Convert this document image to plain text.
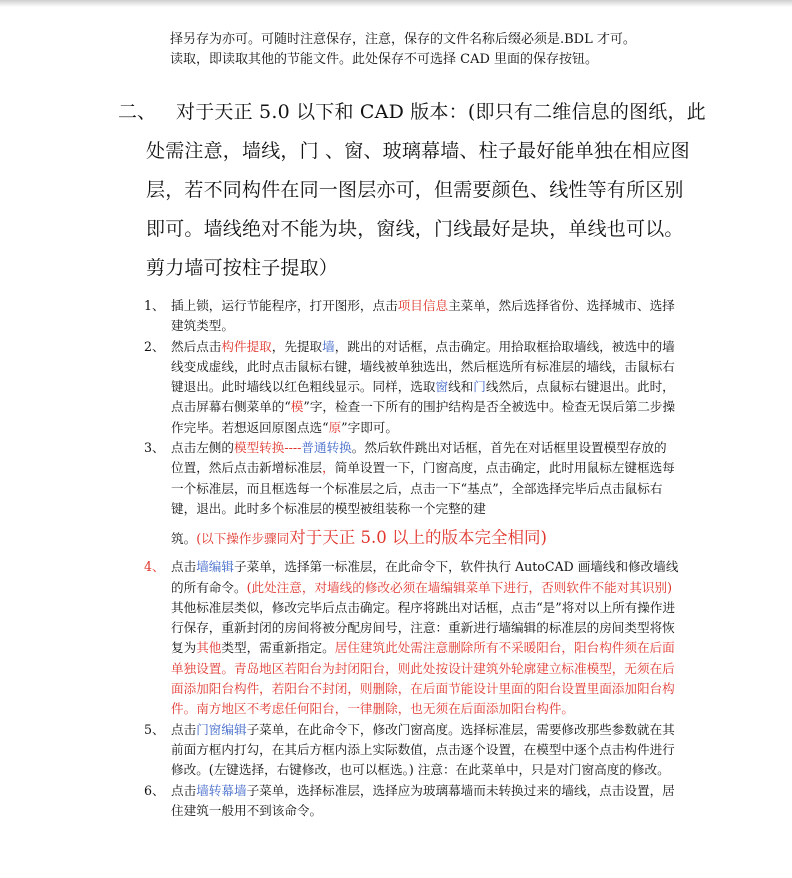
择另存为亦可。可随时注意保存，注意，保存的文件名称后缀必须是.BDL 才可。
读取，即读取其他的节能文件。此处保存不可选择 CAD 里面的保存按钮。

二、 对于天正 5.0 以下和 CAD 版本：(即只有二维信息的图纸，此
处需注意，墙线，门 、窗、玻璃幕墙、柱子最好能单独在相应图
层，若不同构件在同一图层亦可，但需要颜色、线性等有所区别
即可。墙线绝对不能为块，窗线，门线最好是块，单线也可以。
剪力墙可按柱子提取）

1、 插上锁，运行节能程序，打开图形，点击项目信息主菜单，然后选择省份、选择城市、选择建筑类型。

2、 然后点击构件提取，先提取墙，跳出的对话框，点击确定。用拾取框拾取墙线，被选中的墙线变成虚线，此时点击鼠标右键，墙线被单独选出，然后框选所有标准层的墙线，击鼠标右键退出。此时墙线以红色粗线显示。同样，选取窗线和门线然后，点鼠标右键退出。此时，点击屏幕右侧菜单的“模”字，检查一下所有的围护结构是否全被选中。检查无误后第二步操作完毕。若想返回原图点选“原”字即可。

3、 点击左侧的模型转换----普通转换。然后软件跳出对话框，首先在对话框里设置模型存放的位置，然后点击新增标准层，简单设置一下，门窗高度，点击确定，此时用鼠标左键框选每一个标准层，而且框选每一个标准层之后，点击一下“基点”，全部选择完毕后点击鼠标右键，退出。此时多个标准层的模型被组装称一个完整的建

筑。(以下操作步骤同对于天正 5.0 以上的版本完全相同)

4、 点击墙编辑子菜单，选择第一标准层，在此命令下，软件执行 AutoCAD 画墙线和修改墙线的所有命令。(此处注意，对墙线的修改必须在墙编辑菜单下进行，否则软件不能对其识别)其他标准层类似，修改完毕后点击确定。程序将跳出对话框，点击“是”将对以上所有操作进行保存，重新封闭的房间将被分配房间号，注意：重新进行墙编辑的标准层的房间类型将恢复为其他类型，需重新指定。居住建筑此处需注意删除所有不采暖阳台，阳台构件须在后面单独设置。青岛地区若阳台为封闭阳台，则此处按设计建筑外轮廓建立标准模型，无须在后面添加阳台构件，若阳台不封闭，则删除，在后面节能设计里面的阳台设置里面添加阳台构件。南方地区不考虑任何阳台，一律删除，也无须在后面添加阳台构件。

5、 点击门窗编辑子菜单，在此命令下，修改门窗高度。选择标准层，需要修改那些参数就在其前面方框内打勾，在其后方框内添上实际数值，点击逐个设置，在模型中逐个点击构件进行修改。(左键选择，右键修改，也可以框选。) 注意：在此菜单中，只是对门窗高度的修改。

6、 点击墙转幕墙子菜单，选择标准层，选择应为玻璃幕墙而未转换过来的墙线，点击设置，居住建筑一般用不到该命令。
